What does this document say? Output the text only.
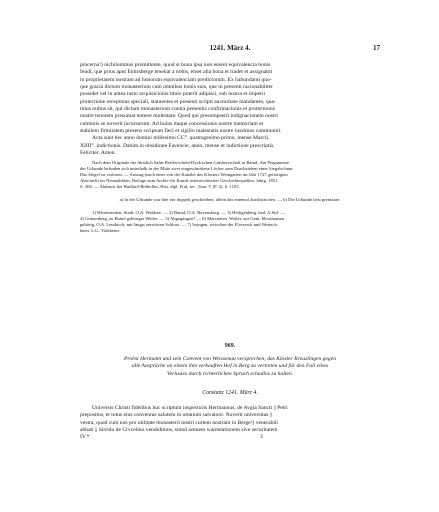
1241. März 4.	17

pincerna¹) nichilominus promittente, quod si bona ipsa non essent equivalencia bonis

feudi, que prius aput Entirsberge tenebat a nobis, emet alia bona et tradet et assignabit

in proprietatem nostram ad honorum equivalenciam predictorum. Ex habundanti quo-

que gracia dictum monasterium cum omnibus bonis suis, que in presenti racionabiliter

possidet vel in antea iusto acquisicionis titulo poterit adipisci, sub nostra et imperii

protectione recepimus speciali, statuentes et presenti scripti auctoritate mandantes, qua-

tinus nullus sit, qui dictum monasterium contra presentis confirmacionis et protectionis

nostre tenorem presumat temere molestare. Quod qui presumpserit indignacionem nostri

culminis se noverit incursurum. Ad huius itaque concessionis nostre memoriam et

stabilem firmitatem presens scriptum fieri et sigillo maiestatis nostre iussimus communiri.

Acta sunt hec anno domini millesimo CC°. quatragesimo primo, mense Marcii,

XIIII°. indictionis. Datum in obsidione Favencie, anno, mense et indictione prescriptis.

Feliciter. Amen.

Nach dem Originale der fürstlich Salm-Reifferscheid-Dyck'schen Gutsherrschaft in Baind. Am Pergamente

der Urkunde befinden sich unterhalb in der Mitte zwei eingeschnittene Löcher zum Durchziehen einer Siegelschnur.

Das Siegel ist verloren. — Auszug (nach einer von der Kanzlei des Klosters Weingarten im Jahr 1727 gefertigten

Abschrift) im Neinauhblatt, Beilage zum Archiv für Kunde österreichischer Geschichtsquellen, Jahrg. 1851,

S. 306. — Abdruck bei Huillard-Bréholles, Hist. dipl. Frid. sec. Tom. V (P. 2), S. 1105.

a) In der Urkunde war hier ein doppelt geschrieben, allein das einemal durchstrichen. — b) Die Urkunde liest prenotare.

1) Winterstetten, Stadt, O.A. Waldsee. — 2) Baind, O.A. Ravensburg. — 3) Heiligenberg, bad. A.Stif. —

4) Grünenberg, zu Baind gehöriger Weiler. — 5) Abgegangen? — 6) Marstetten, Weiler, zur Gem. Mosshausen

gehörig, O.A. Leutkirch, mit längst zerstörten Schloss. — 7) Irsingen, zwischen der Flosserch und Wertach,

baier. L.G. Türkheim.

969.
Probst Hermann und sein Convent von Weissenau versprechen, das Kloster Kreuzlingen gegen
alle Ansprüche an einem ihm verkauften Hof in Berg zu vertreten und für den Fall eines
Verlustes durch richterlichen Spruch schadlos zu halten.
Constanz 1241. März 4.

Universis Christi fidelibus hoc scriptum inspecturis Hermannus, de Avgia Sancti || Petri

prepositus, et totus eius conventus salutem in omnium salvatore. Noverit universitas ||

vestra, quod cum nos pro utilitate monasterii nostri curtem nostram in Berge¹) venerabili

abbati || Sirrido de Crvcelino vendidimus, simul omnem warentationem sive securitatem

IV.*	3
